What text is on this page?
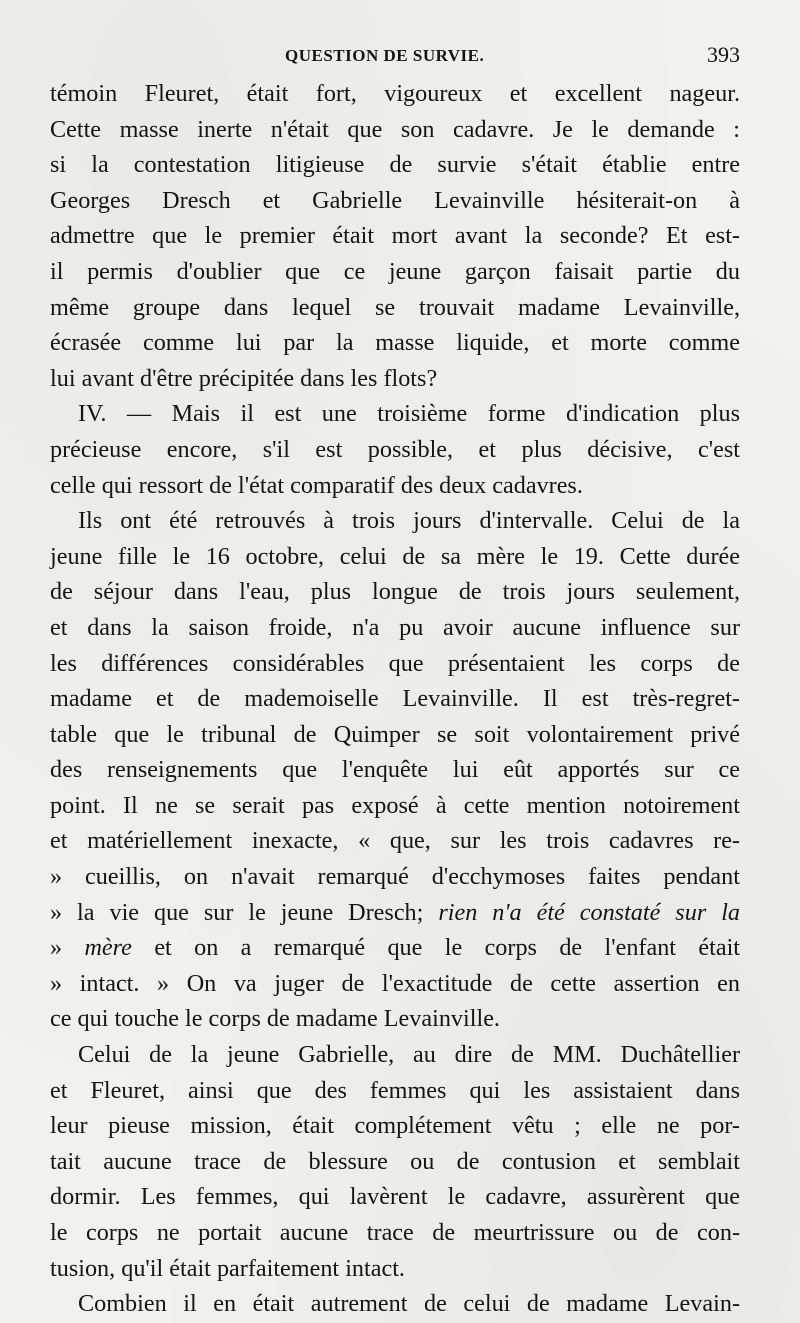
QUESTION DE SURVIE.	393
témoin Fleuret, était fort, vigoureux et excellent nageur.
Cette masse inerte n'était que son cadavre. Je le demande :
si la contestation litigieuse de survie s'était établie entre
Georges Dresch et Gabrielle Levainville hésiterait-on à
admettre que le premier était mort avant la seconde? Et est-
il permis d'oublier que ce jeune garçon faisait partie du
même groupe dans lequel se trouvait madame Levainville,
écrasée comme lui par la masse liquide, et morte comme
lui avant d'être précipitée dans les flots?
IV. — Mais il est une troisième forme d'indication plus
précieuse encore, s'il est possible, et plus décisive, c'est
celle qui ressort de l'état comparatif des deux cadavres.
Ils ont été retrouvés à trois jours d'intervalle. Celui de la
jeune fille le 16 octobre, celui de sa mère le 19. Cette durée
de séjour dans l'eau, plus longue de trois jours seulement,
et dans la saison froide, n'a pu avoir aucune influence sur
les différences considérables que présentaient les corps de
madame et de mademoiselle Levainville. Il est très-regret-
table que le tribunal de Quimper se soit volontairement privé
des renseignements que l'enquête lui eût apportés sur ce
point. Il ne se serait pas exposé à cette mention notoirement
et matériellement inexacte, « que, sur les trois cadavres re-
» cueillis, on n'avait remarqué d'ecchymoses faites pendant
» la vie que sur le jeune Dresch; rien n'a été constaté sur la
» mère et on a remarqué que le corps de l'enfant était
» intact. » On va juger de l'exactitude de cette assertion en
ce qui touche le corps de madame Levainville.
Celui de la jeune Gabrielle, au dire de MM. Duchâtellier
et Fleuret, ainsi que des femmes qui les assistaient dans
leur pieuse mission, était complétement vêtu ; elle ne por-
tait aucune trace de blessure ou de contusion et semblait
dormir. Les femmes, qui lavèrent le cadavre, assurèrent que
le corps ne portait aucune trace de meurtrissure ou de con-
tusion, qu'il était parfaitement intact.
Combien il en était autrement de celui de madame Levain-
